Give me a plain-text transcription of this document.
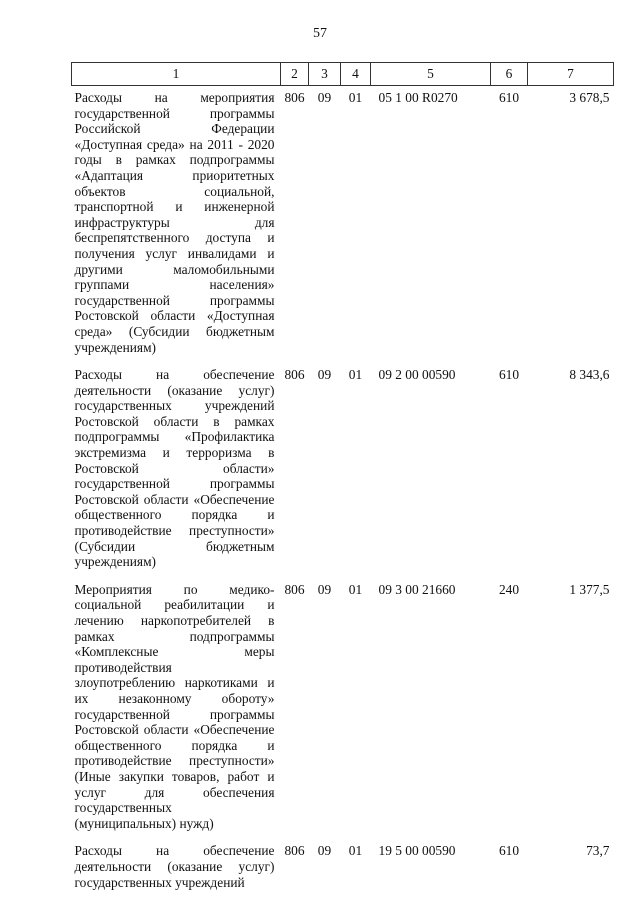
57
1	2	3	4	5	6	7
Расходы на мероприятия государственной программы Российской Федерации «Доступная среда» на 2011 - 2020 годы в рамках подпрограммы «Адаптация приоритетных объектов социальной, транспортной и инженерной инфраструктуры для беспрепятственного доступа и получения услуг инвалидами и другими маломобильными группами населения» государственной программы Ростовской области «Доступная среда» (Субсидии бюджетным учреждениям)	806	09	01	05 1 00 R0270	610	3 678,5
Расходы на обеспечение деятельности (оказание услуг) государственных учреждений Ростовской области в рамках подпрограммы «Профилактика экстремизма и терроризма в Ростовской области» государственной программы Ростовской области «Обеспечение общественного порядка и противодействие преступности» (Субсидии бюджетным учреждениям)	806	09	01	09 2 00 00590	610	8 343,6
Мероприятия по медико-социальной реабилитации и лечению наркопотребителей в рамках подпрограммы «Комплексные меры противодействия злоупотреблению наркотиками и их незаконному обороту» государственной программы Ростовской области «Обеспечение общественного порядка и противодействие преступности» (Иные закупки товаров, работ и услуг для обеспечения государственных (муниципальных) нужд)	806	09	01	09 3 00 21660	240	1 377,5
Расходы на обеспечение деятельности (оказание услуг) государственных учреждений	806	09	01	19 5 00 00590	610	73,7
